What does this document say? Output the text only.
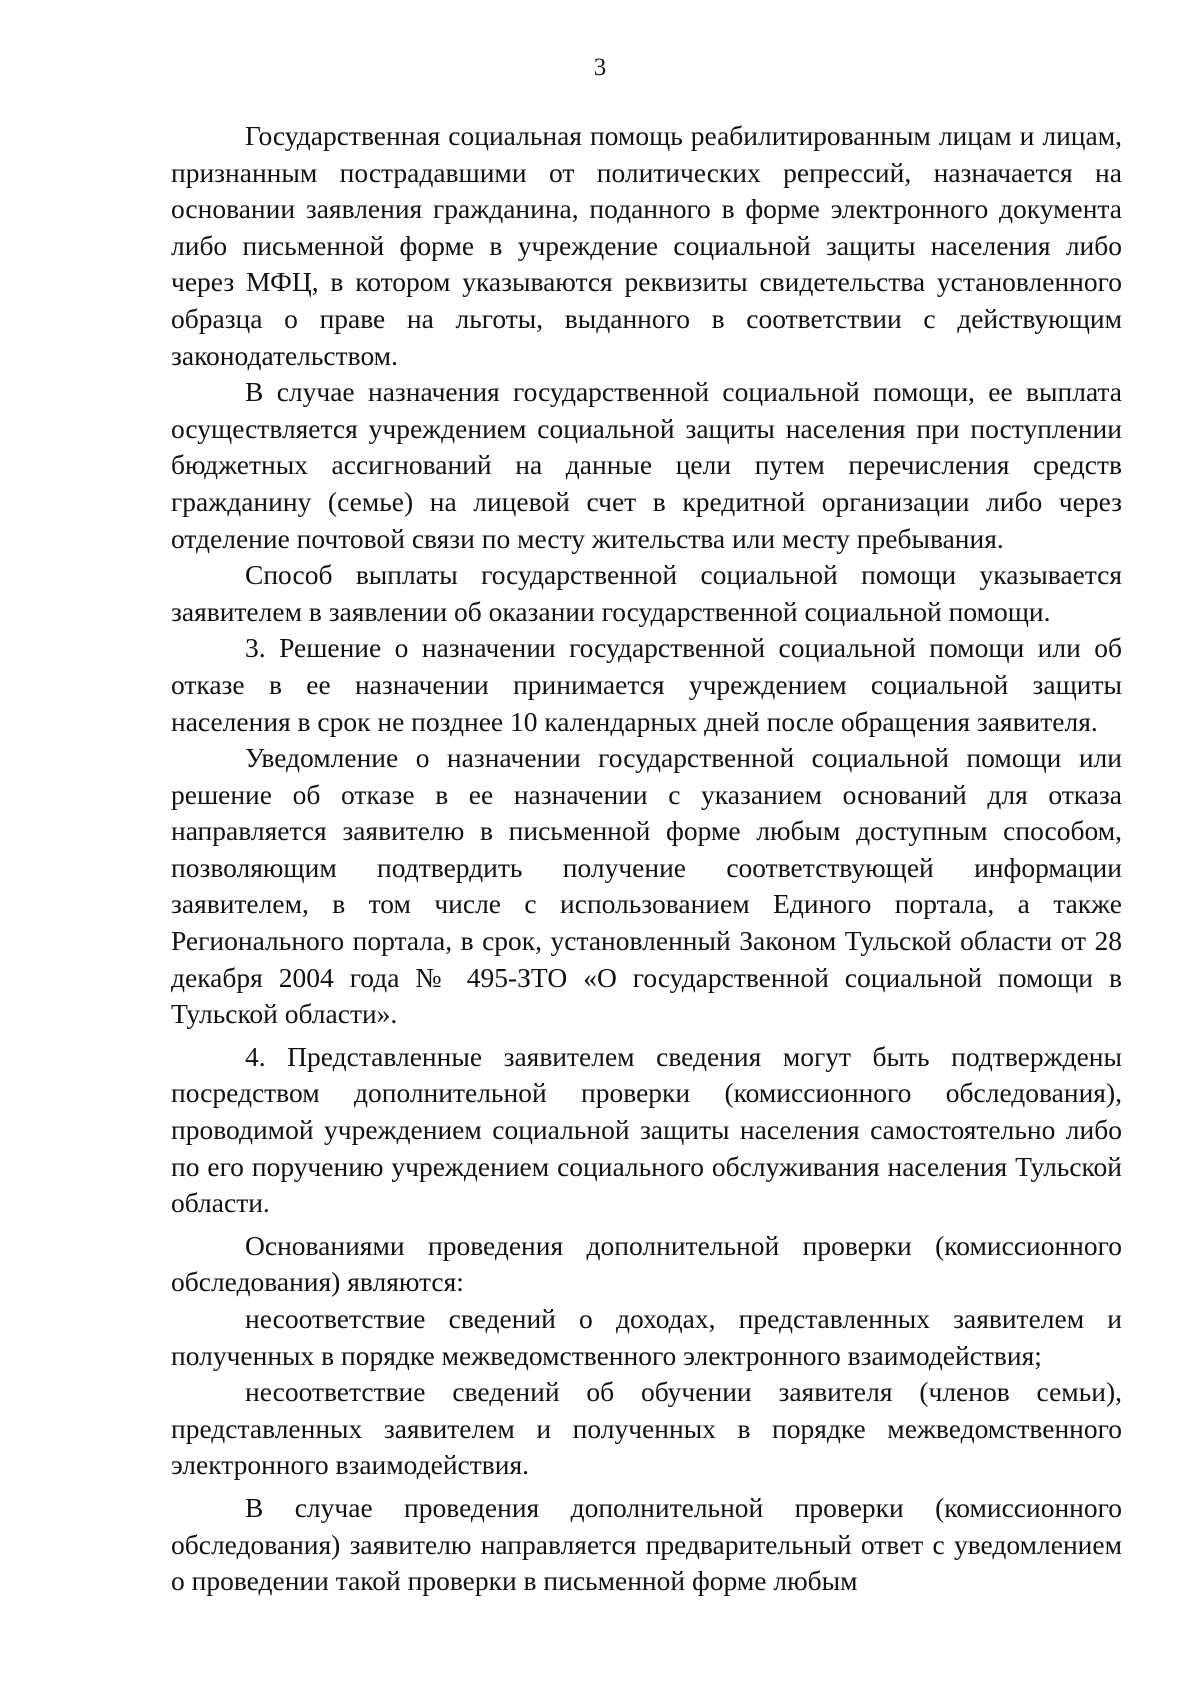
3

Государственная социальная помощь реабилитированным лицам и лицам, признанным пострадавшими от политических репрессий, назначается на основании заявления гражданина, поданного в форме электронного документа либо письменной форме в учреждение социальной защиты населения либо через МФЦ, в котором указываются реквизиты свидетельства установленного образца о праве на льготы, выданного в соответствии с действующим законодательством.

В случае назначения государственной социальной помощи, ее выплата осуществляется учреждением социальной защиты населения при поступлении бюджетных ассигнований на данные цели путем перечисления средств гражданину (семье) на лицевой счет в кредитной организации либо через отделение почтовой связи по месту жительства или месту пребывания.

Способ выплаты государственной социальной помощи указывается заявителем в заявлении об оказании государственной социальной помощи.

3. Решение о назначении государственной социальной помощи или об отказе в ее назначении принимается учреждением социальной защиты населения в срок не позднее 10 календарных дней после обращения заявителя.

Уведомление о назначении государственной социальной помощи или решение об отказе в ее назначении с указанием оснований для отказа направляется заявителю в письменной форме любым доступным способом, позволяющим подтвердить получение соответствующей информации заявителем, в том числе с использованием Единого портала, а также Регионального портала, в срок, установленный Законом Тульской области от 28 декабря 2004 года № 495-ЗТО «О государственной социальной помощи в Тульской области».

4. Представленные заявителем сведения могут быть подтверждены посредством дополнительной проверки (комиссионного обследования), проводимой учреждением социальной защиты населения самостоятельно либо по его поручению учреждением социального обслуживания населения Тульской области.

Основаниями проведения дополнительной проверки (комиссионного обследования) являются:

несоответствие сведений о доходах, представленных заявителем и полученных в порядке межведомственного электронного взаимодействия;

несоответствие сведений об обучении заявителя (членов семьи), представленных заявителем и полученных в порядке межведомственного электронного взаимодействия.

В случае проведения дополнительной проверки (комиссионного обследования) заявителю направляется предварительный ответ с уведомлением о проведении такой проверки в письменной форме любым
